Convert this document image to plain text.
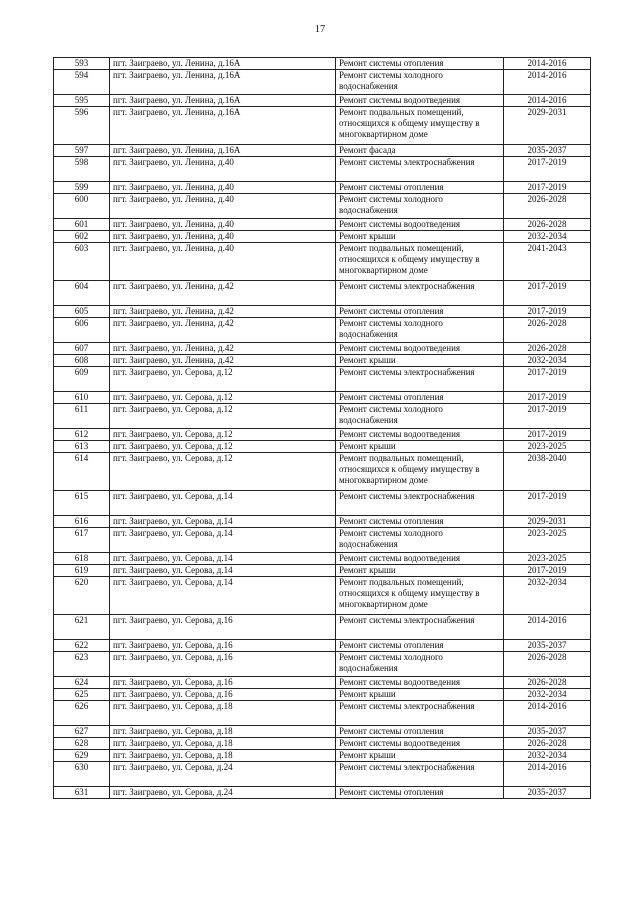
17
593	пгт. Заиграево, ул. Ленина, д.16А	Ремонт системы отопления	2014-2016
594	пгт. Заиграево, ул. Ленина, д.16А	Ремонт системы холодного водоснабжения	2014-2016
595	пгт. Заиграево, ул. Ленина, д.16А	Ремонт системы водоотведения	2014-2016
596	пгт. Заиграево, ул. Ленина, д.16А	Ремонт подвальных помещений, относящихся к общему имуществу в многоквартирном доме	2029-2031
597	пгт. Заиграево, ул. Ленина, д.16А	Ремонт фасада	2035-2037
598	пгт. Заиграево, ул. Ленина, д.40	Ремонт системы электроснабжения	2017-2019
599	пгт. Заиграево, ул. Ленина, д.40	Ремонт системы отопления	2017-2019
600	пгт. Заиграево, ул. Ленина, д.40	Ремонт системы холодного водоснабжения	2026-2028
601	пгт. Заиграево, ул. Ленина, д.40	Ремонт системы водоотведения	2026-2028
602	пгт. Заиграево, ул. Ленина, д.40	Ремонт крыши	2032-2034
603	пгт. Заиграево, ул. Ленина, д.40	Ремонт подвальных помещений, относящихся к общему имуществу в многоквартирном доме	2041-2043
604	пгт. Заиграево, ул. Ленина, д.42	Ремонт системы электроснабжения	2017-2019
605	пгт. Заиграево, ул. Ленина, д.42	Ремонт системы отопления	2017-2019
606	пгт. Заиграево, ул. Ленина, д.42	Ремонт системы холодного водоснабжения	2026-2028
607	пгт. Заиграево, ул. Ленина, д.42	Ремонт системы водоотведения	2026-2028
608	пгт. Заиграево, ул. Ленина, д.42	Ремонт крыши	2032-2034
609	пгт. Заиграево, ул. Серова, д.12	Ремонт системы электроснабжения	2017-2019
610	пгт. Заиграево, ул. Серова, д.12	Ремонт системы отопления	2017-2019
611	пгт. Заиграево, ул. Серова, д.12	Ремонт системы холодного водоснабжения	2017-2019
612	пгт. Заиграево, ул. Серова, д.12	Ремонт системы водоотведения	2017-2019
613	пгт. Заиграево, ул. Серова, д.12	Ремонт крыши	2023-2025
614	пгт. Заиграево, ул. Серова, д.12	Ремонт подвальных помещений, относящихся к общему имуществу в многоквартирном доме	2038-2040
615	пгт. Заиграево, ул. Серова, д.14	Ремонт системы электроснабжения	2017-2019
616	пгт. Заиграево, ул. Серова, д.14	Ремонт системы отопления	2029-2031
617	пгт. Заиграево, ул. Серова, д.14	Ремонт системы холодного водоснабжения	2023-2025
618	пгт. Заиграево, ул. Серова, д.14	Ремонт системы водоотведения	2023-2025
619	пгт. Заиграево, ул. Серова, д.14	Ремонт крыши	2017-2019
620	пгт. Заиграево, ул. Серова, д.14	Ремонт подвальных помещений, относящихся к общему имуществу в многоквартирном доме	2032-2034
621	пгт. Заиграево, ул. Серова, д.16	Ремонт системы электроснабжения	2014-2016
622	пгт. Заиграево, ул. Серова, д.16	Ремонт системы отопления	2035-2037
623	пгт. Заиграево, ул. Серова, д.16	Ремонт системы холодного водоснабжения	2026-2028
624	пгт. Заиграево, ул. Серова, д.16	Ремонт системы водоотведения	2026-2028
625	пгт. Заиграево, ул. Серова, д.16	Ремонт крыши	2032-2034
626	пгт. Заиграево, ул. Серова, д.18	Ремонт системы электроснабжения	2014-2016
627	пгт. Заиграево, ул. Серова, д.18	Ремонт системы отопления	2035-2037
628	пгт. Заиграево, ул. Серова, д.18	Ремонт системы водоотведения	2026-2028
629	пгт. Заиграево, ул. Серова, д.18	Ремонт крыши	2032-2034
630	пгт. Заиграево, ул. Серова, д.24	Ремонт системы электроснабжения	2014-2016
631	пгт. Заиграево, ул. Серова, д.24	Ремонт системы отопления	2035-2037
